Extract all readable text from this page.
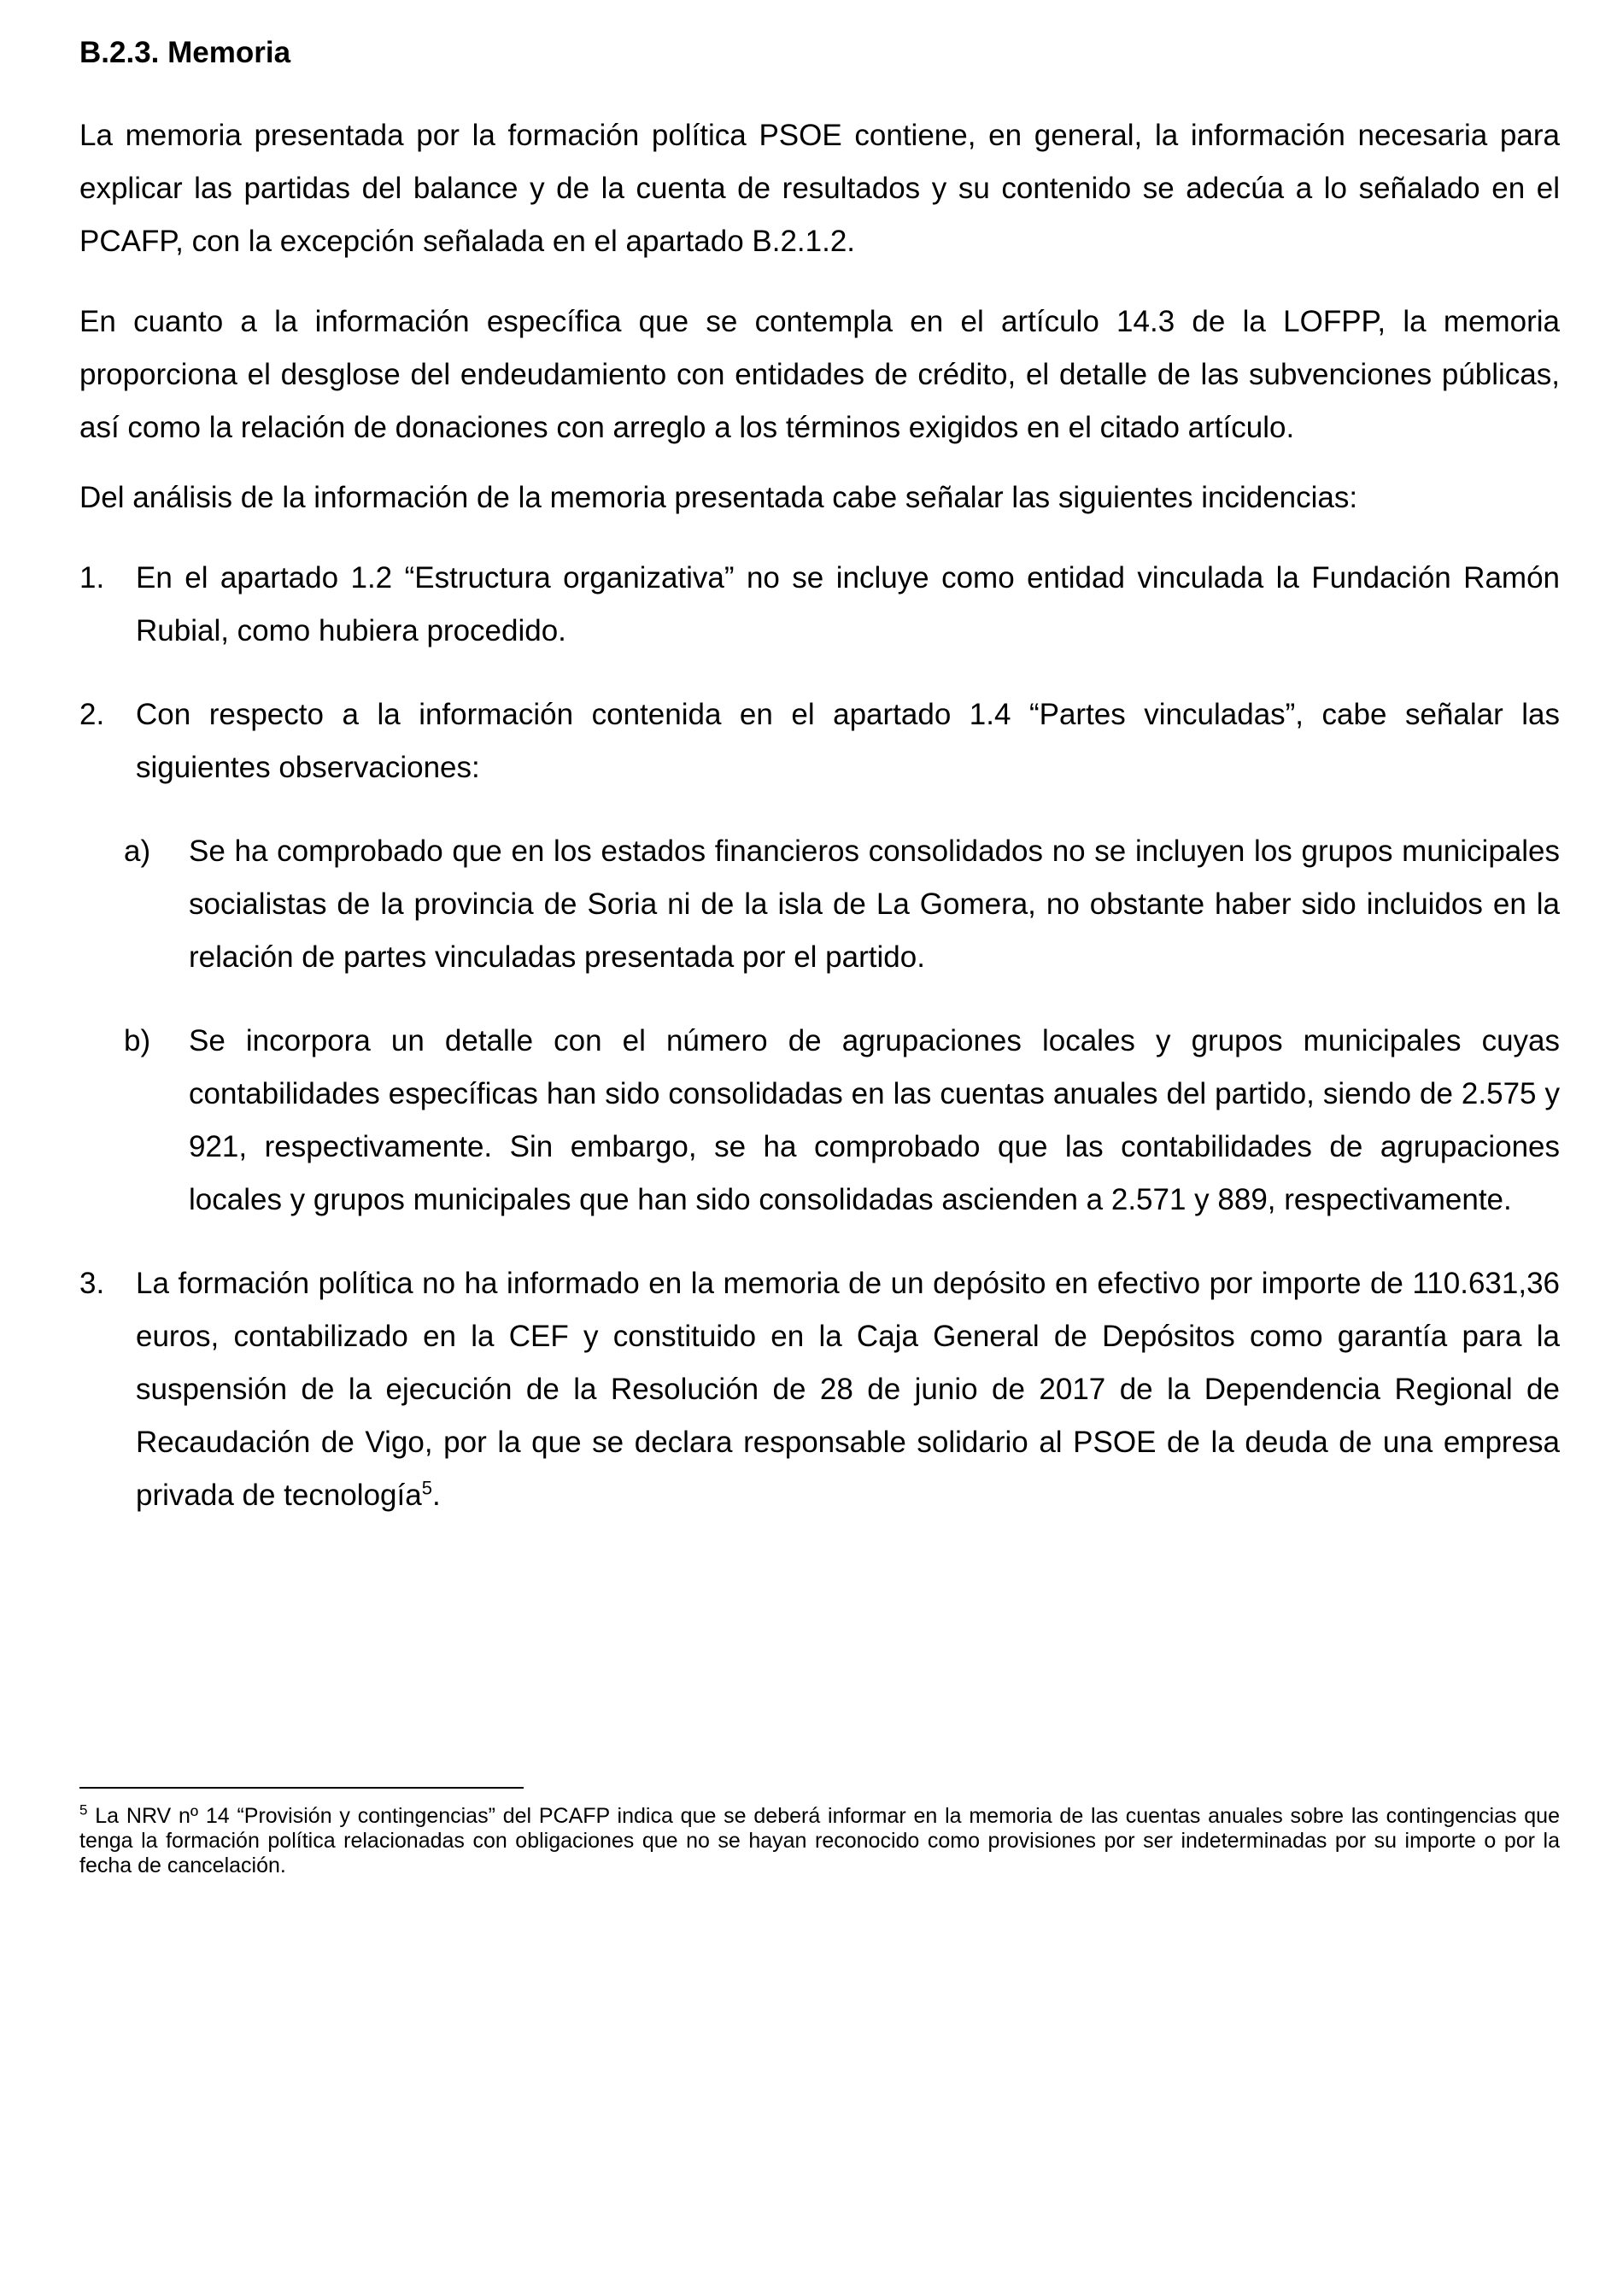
B.2.3. Memoria

La memoria presentada por la formación política PSOE contiene, en general, la información necesaria para explicar las partidas del balance y de la cuenta de resultados y su contenido se adecúa a lo señalado en el PCAFP, con la excepción señalada en el apartado B.2.1.2.

En cuanto a la información específica que se contempla en el artículo 14.3 de la LOFPP, la memoria proporciona el desglose del endeudamiento con entidades de crédito, el detalle de las subvenciones públicas, así como la relación de donaciones con arreglo a los términos exigidos en el citado artículo.

Del análisis de la información de la memoria presentada cabe señalar las siguientes incidencias:

1.	En el apartado 1.2 “Estructura organizativa” no se incluye como entidad vinculada la Fundación Ramón Rubial, como hubiera procedido.
2.	Con respecto a la información contenida en el apartado 1.4 “Partes vinculadas”, cabe señalar las siguientes observaciones:
a)	Se ha comprobado que en los estados financieros consolidados no se incluyen los grupos municipales socialistas de la provincia de Soria ni de la isla de La Gomera, no obstante haber sido incluidos en la relación de partes vinculadas presentada por el partido.
b)	Se incorpora un detalle con el número de agrupaciones locales y grupos municipales cuyas contabilidades específicas han sido consolidadas en las cuentas anuales del partido, siendo de 2.575 y 921, respectivamente. Sin embargo, se ha comprobado que las contabilidades de agrupaciones locales y grupos municipales que han sido consolidadas ascienden a 2.571 y 889, respectivamente.
3.	La formación política no ha informado en la memoria de un depósito en efectivo por importe de 110.631,36 euros, contabilizado en la CEF y constituido en la Caja General de Depósitos como garantía para la suspensión de la ejecución de la Resolución de 28 de junio de 2017 de la Dependencia Regional de Recaudación de Vigo, por la que se declara responsable solidario al PSOE de la deuda de una empresa privada de tecnología$^5$.
$^5$ La NRV nº 14 “Provisión y contingencias” del PCAFP indica que se deberá informar en la memoria de las cuentas anuales sobre las contingencias que tenga la formación política relacionadas con obligaciones que no se hayan reconocido como provisiones por ser indeterminadas por su importe o por la fecha de cancelación.
